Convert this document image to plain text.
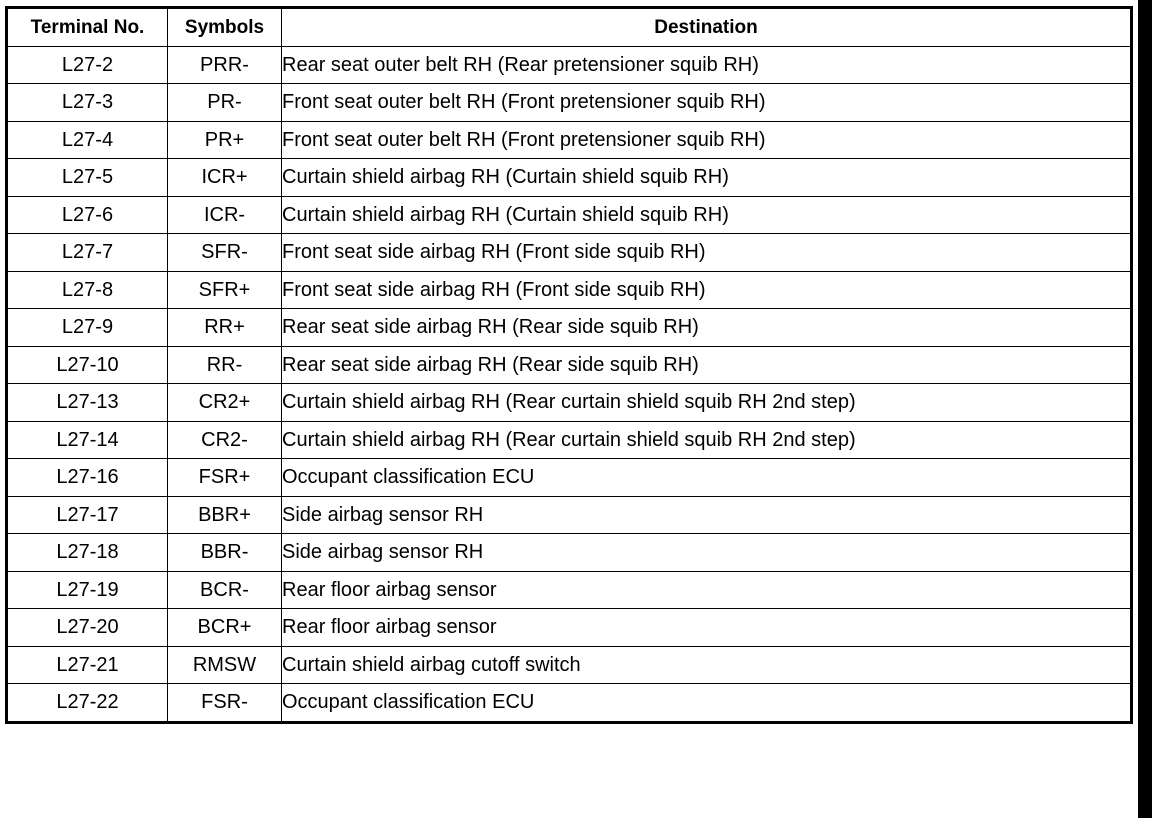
Terminal No.	Symbols	Destination
L27-2	PRR-	Rear seat outer belt RH (Rear pretensioner squib RH)
L27-3	PR-	Front seat outer belt RH (Front pretensioner squib RH)
L27-4	PR+	Front seat outer belt RH (Front pretensioner squib RH)
L27-5	ICR+	Curtain shield airbag RH (Curtain shield squib RH)
L27-6	ICR-	Curtain shield airbag RH (Curtain shield squib RH)
L27-7	SFR-	Front seat side airbag RH (Front side squib RH)
L27-8	SFR+	Front seat side airbag RH (Front side squib RH)
L27-9	RR+	Rear seat side airbag RH (Rear side squib RH)
L27-10	RR-	Rear seat side airbag RH (Rear side squib RH)
L27-13	CR2+	Curtain shield airbag RH (Rear curtain shield squib RH 2nd step)
L27-14	CR2-	Curtain shield airbag RH (Rear curtain shield squib RH 2nd step)
L27-16	FSR+	Occupant classification ECU
L27-17	BBR+	Side airbag sensor RH
L27-18	BBR-	Side airbag sensor RH
L27-19	BCR-	Rear floor airbag sensor
L27-20	BCR+	Rear floor airbag sensor
L27-21	RMSW	Curtain shield airbag cutoff switch
L27-22	FSR-	Occupant classification ECU
